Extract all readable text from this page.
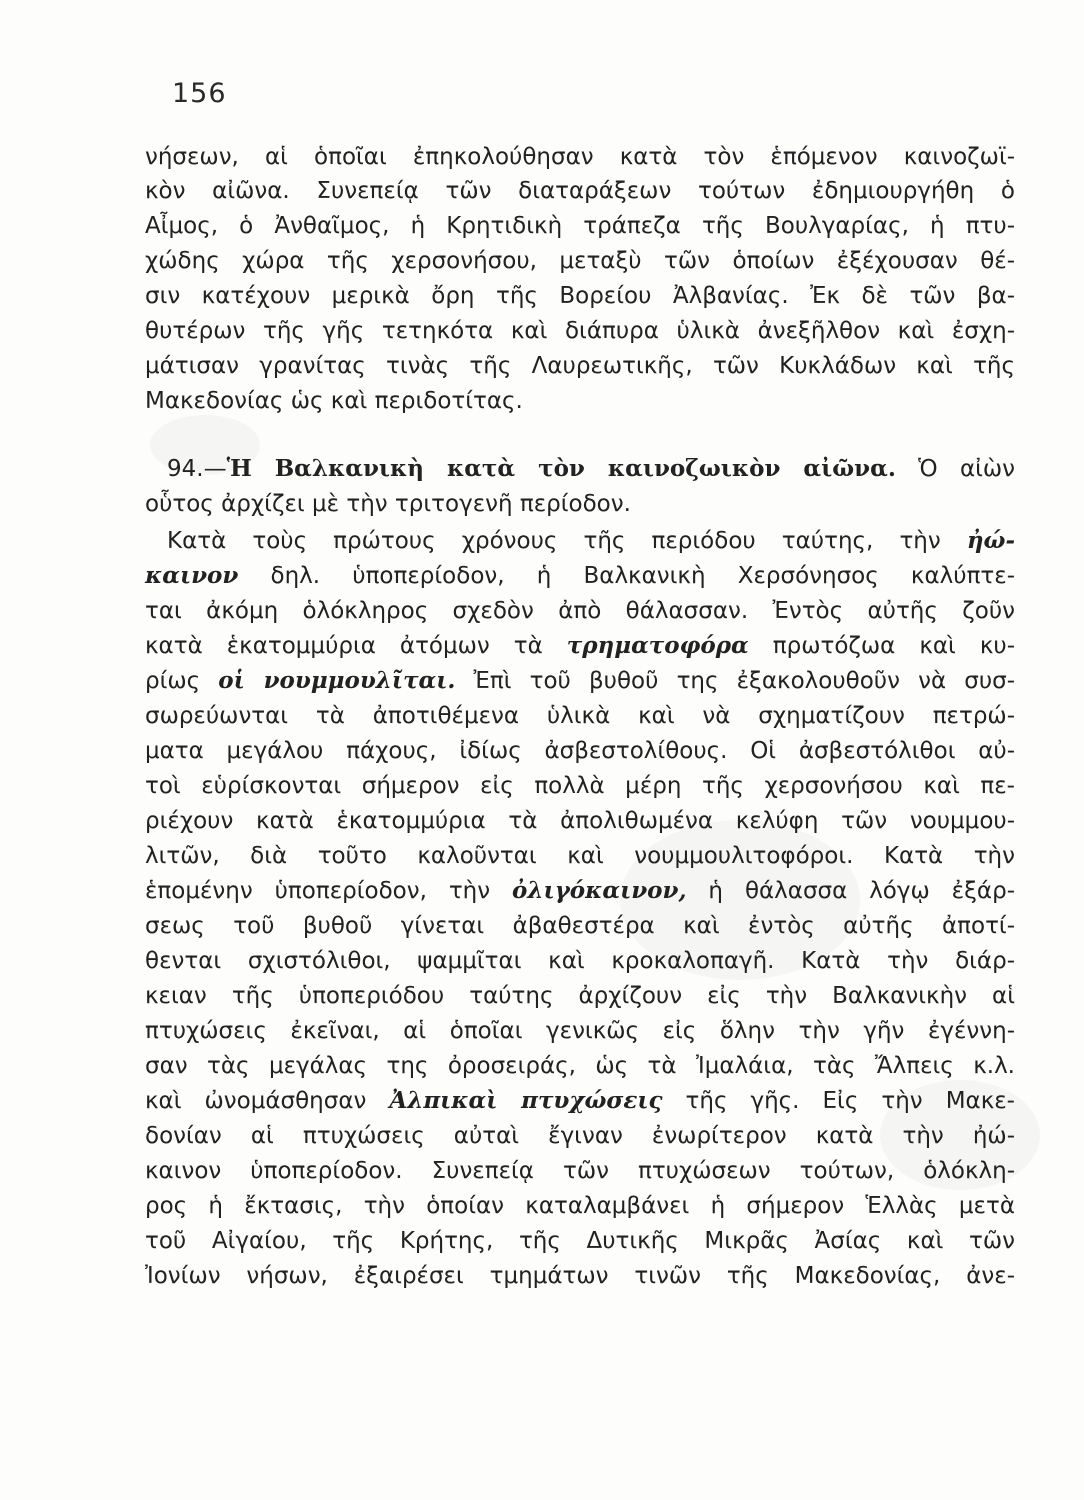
156
νήσεων, αἱ ὁποῖαι ἐπηκολούθησαν κατὰ τὸν ἑπόμενον καινοζωϊ-
κὸν αἰῶνα. Συνεπείᾳ τῶν διαταράξεων τούτων ἐδημιουργήθη ὁ
Αἶμος, ὁ Ἀνθαῖμος, ἡ Κρητιδικὴ τράπεζα τῆς Βουλγαρίας, ἡ πτυ-
χώδης χώρα τῆς χερσονήσου, μεταξὺ τῶν ὁποίων ἐξέχουσαν θέ-
σιν κατέχουν μερικὰ ὄρη τῆς Βορείου Ἀλβανίας. Ἐκ δὲ τῶν βα-
θυτέρων τῆς γῆς τετηκότα καὶ διάπυρα ὑλικὰ ἀνεξῆλθον καὶ ἐσχη-
μάτισαν γρανίτας τινὰς τῆς Λαυρεωτικῆς, τῶν Κυκλάδων καὶ τῆς
Μακεδονίας ὡς καὶ περιδοτίτας.
94.—Ἡ Βαλκανικὴ κατὰ τὸν καινοζωικὸν αἰῶνα. Ὁ αἰὼν
οὗτος ἀρχίζει μὲ τὴν τριτογενῆ περίοδον.
Κατὰ τοὺς πρώτους χρόνους τῆς περιόδου ταύτης, τὴν ἠώ-
καινον δηλ. ὑποπερίοδον, ἡ Βαλκανικὴ Χερσόνησος καλύπτε-
ται ἀκόμη ὁλόκληρος σχεδὸν ἀπὸ θάλασσαν. Ἐντὸς αὐτῆς ζοῦν
κατὰ ἑκατομμύρια ἀτόμων τὰ τρηματοφόρα πρωτόζωα καὶ κυ-
ρίως οἱ νουμμουλῖται. Ἐπὶ τοῦ βυθοῦ της ἐξακολουθοῦν νὰ συσ-
σωρεύωνται τὰ ἀποτιθέμενα ὑλικὰ καὶ νὰ σχηματίζουν πετρώ-
ματα μεγάλου πάχους, ἰδίως ἀσβεστολίθους. Οἱ ἀσβεστόλιθοι αὐ-
τοὶ εὑρίσκονται σήμερον εἰς πολλὰ μέρη τῆς χερσονήσου καὶ πε-
ριέχουν κατὰ ἑκατομμύρια τὰ ἀπολιθωμένα κελύφη τῶν νουμμου-
λιτῶν, διὰ τοῦτο καλοῦνται καὶ νουμμουλιτοφόροι. Κατὰ τὴν
ἑπομένην ὑποπερίοδον, τὴν ὀλιγόκαινον, ἡ θάλασσα λόγῳ ἐξάρ-
σεως τοῦ βυθοῦ γίνεται ἀβαθεστέρα καὶ ἐντὸς αὐτῆς ἀποτί-
θενται σχιστόλιθοι, ψαμμῖται καὶ κροκαλοπαγῆ. Κατὰ τὴν διάρ-
κειαν τῆς ὑποπεριόδου ταύτης ἀρχίζουν εἰς τὴν Βαλκανικὴν αἱ
πτυχώσεις ἐκεῖναι, αἱ ὁποῖαι γενικῶς εἰς ὅλην τὴν γῆν ἐγέννη-
σαν τὰς μεγάλας της ὀροσειράς, ὡς τὰ Ἰμαλάια, τὰς Ἄλπεις κ.λ.
καὶ ὠνομάσθησαν Ἀλπικαὶ πτυχώσεις τῆς γῆς. Εἰς τὴν Μακε-
δονίαν αἱ πτυχώσεις αὐταὶ ἔγιναν ἐνωρίτερον κατὰ τὴν ἠώ-
καινον ὑποπερίοδον. Συνεπείᾳ τῶν πτυχώσεων τούτων, ὁλόκλη-
ρος ἡ ἔκτασις, τὴν ὁποίαν καταλαμβάνει ἡ σήμερον Ἑλλὰς μετὰ
τοῦ Αἰγαίου, τῆς Κρήτης, τῆς Δυτικῆς Μικρᾶς Ἀσίας καὶ τῶν
Ἰονίων νήσων, ἐξαιρέσει τμημάτων τινῶν τῆς Μακεδονίας, ἀνε-
